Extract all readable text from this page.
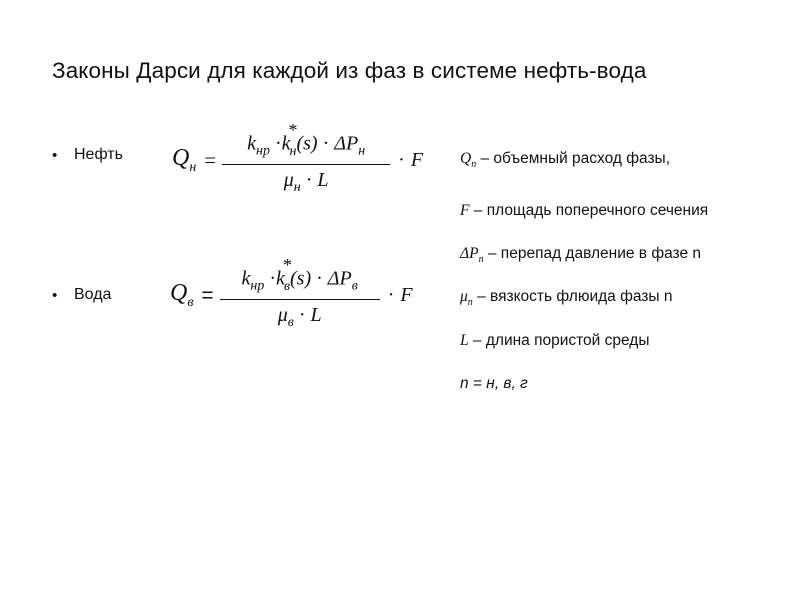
Законы Дарси для каждой из фаз в системе нефть-вода
•	Нефть
•	Вода
$Q_н = \frac{k_{нр} \cdot k^*_н(s) \cdot \Delta P_н}{\mu_н \cdot L} \cdot F$
$Q_в = \frac{k_{нр} \cdot k^*_в(s) \cdot \Delta P_в}{\mu_в \cdot L} \cdot F$
$Q_n$ – объемный расход фазы,
F – площадь поперечного сечения
$\Delta P_n$ – перепад давление в фазе n
$\mu_n$ – вязкость флюида фазы n
L – длина пористой среды
n = н, в, г
